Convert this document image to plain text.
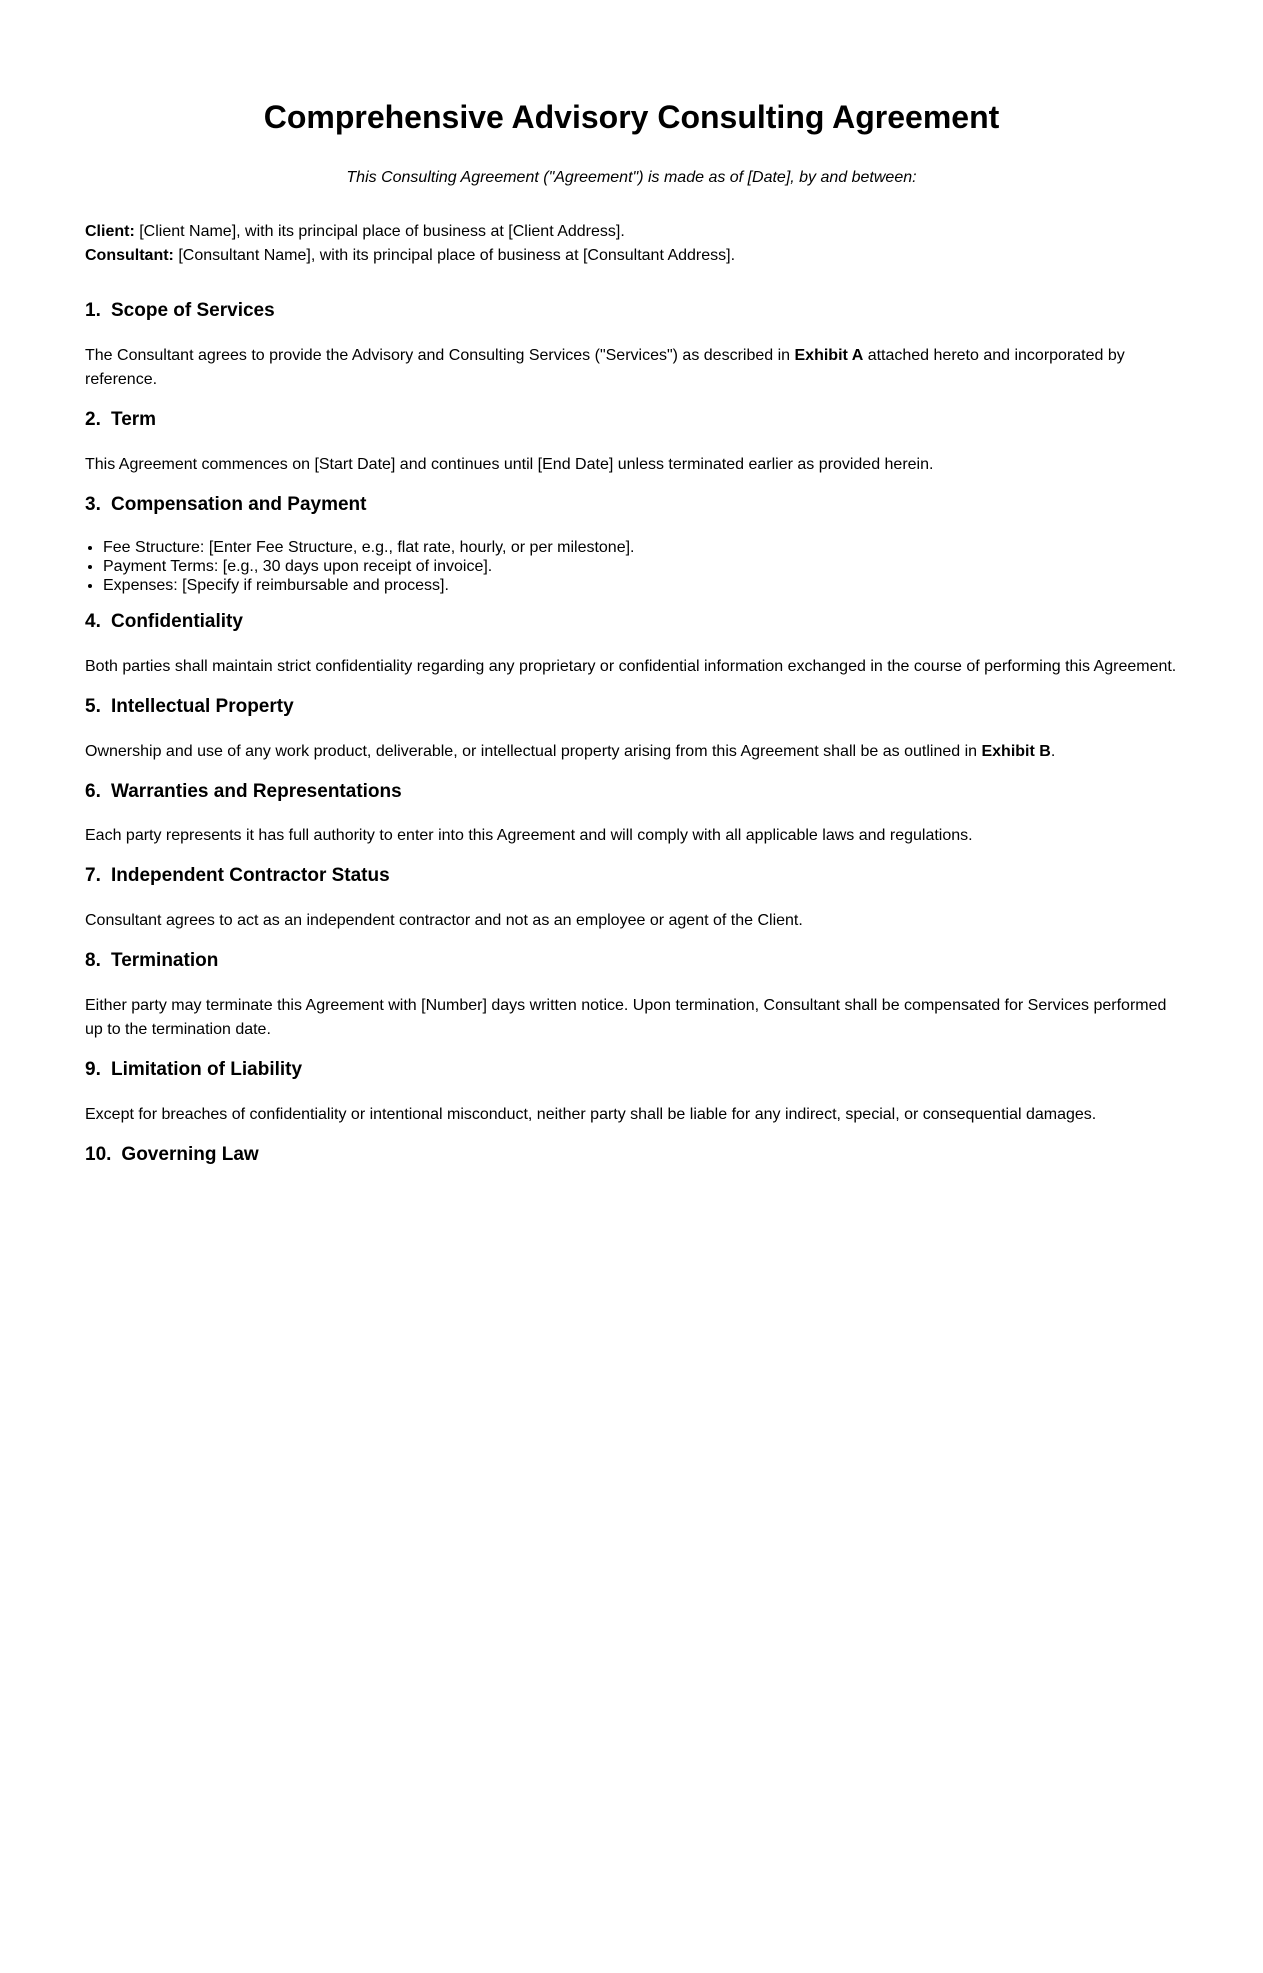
Comprehensive Advisory Consulting Agreement

This Consulting Agreement ("Agreement") is made as of [Date], by and between:

Client: [Client Name], with its principal place of business at [Client Address].

Consultant: [Consultant Name], with its principal place of business at [Consultant Address].

1. Scope of Services

The Consultant agrees to provide the Advisory and Consulting Services ("Services") as described in Exhibit A attached hereto and incorporated by reference.

2. Term

This Agreement commences on [Start Date] and continues until [End Date] unless terminated earlier as provided herein.

3. Compensation and Payment
• Fee Structure: [Enter Fee Structure, e.g., flat rate, hourly, or per milestone].
• Payment Terms: [e.g., 30 days upon receipt of invoice].
• Expenses: [Specify if reimbursable and process].
4. Confidentiality

Both parties shall maintain strict confidentiality regarding any proprietary or confidential information exchanged in the course of performing this Agreement.

5. Intellectual Property

Ownership and use of any work product, deliverable, or intellectual property arising from this Agreement shall be as outlined in Exhibit B.

6. Warranties and Representations

Each party represents it has full authority to enter into this Agreement and will comply with all applicable laws and regulations.

7. Independent Contractor Status

Consultant agrees to act as an independent contractor and not as an employee or agent of the Client.

8. Termination

Either party may terminate this Agreement with [Number] days written notice. Upon termination, Consultant shall be compensated for Services performed up to the termination date.

9. Limitation of Liability

Except for breaches of confidentiality or intentional misconduct, neither party shall be liable for any indirect, special, or consequential damages.

10. Governing Law
